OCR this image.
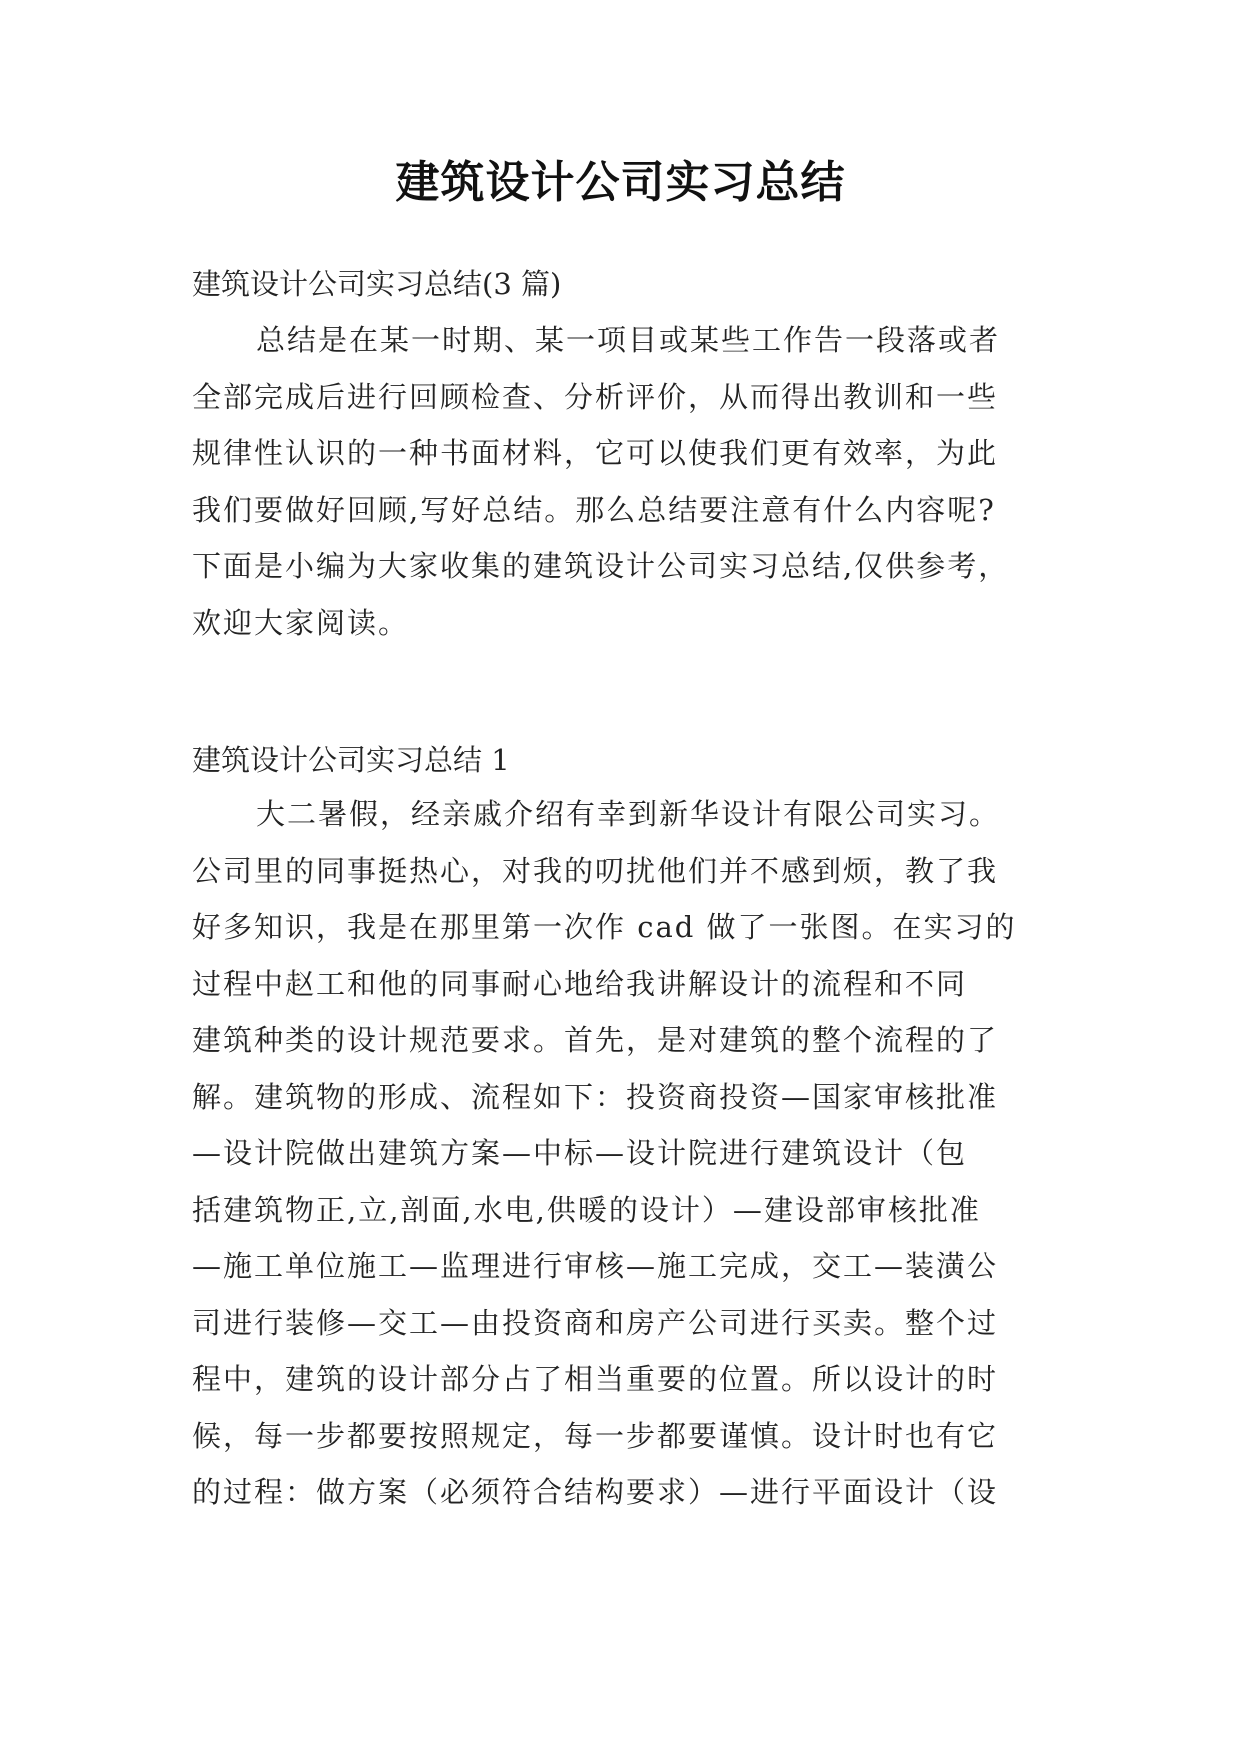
建筑设计公司实习总结
建筑设计公司实习总结(3 篇)
总结是在某一时期、某一项目或某些工作告一段落或者
全部完成后进行回顾检查、分析评价，从而得出教训和一些
规律性认识的一种书面材料，它可以使我们更有效率，为此
我们要做好回顾,写好总结。那么总结要注意有什么内容呢?
下面是小编为大家收集的建筑设计公司实习总结,仅供参考，
欢迎大家阅读。
建筑设计公司实习总结 1
大二暑假，经亲戚介绍有幸到新华设计有限公司实习。
公司里的同事挺热心，对我的叨扰他们并不感到烦，教了我
好多知识，我是在那里第一次作 cad 做了一张图。在实习的
过程中赵工和他的同事耐心地给我讲解设计的流程和不同
建筑种类的设计规范要求。首先，是对建筑的整个流程的了
解。建筑物的形成、流程如下：投资商投资—国家审核批准
—设计院做出建筑方案—中标—设计院进行建筑设计（包
括建筑物正,立,剖面,水电,供暖的设计）—建设部审核批准
—施工单位施工—监理进行审核—施工完成，交工—装潢公
司进行装修—交工—由投资商和房产公司进行买卖。整个过
程中，建筑的设计部分占了相当重要的位置。所以设计的时
候，每一步都要按照规定，每一步都要谨慎。设计时也有它
的过程：做方案（必须符合结构要求）—进行平面设计（设
